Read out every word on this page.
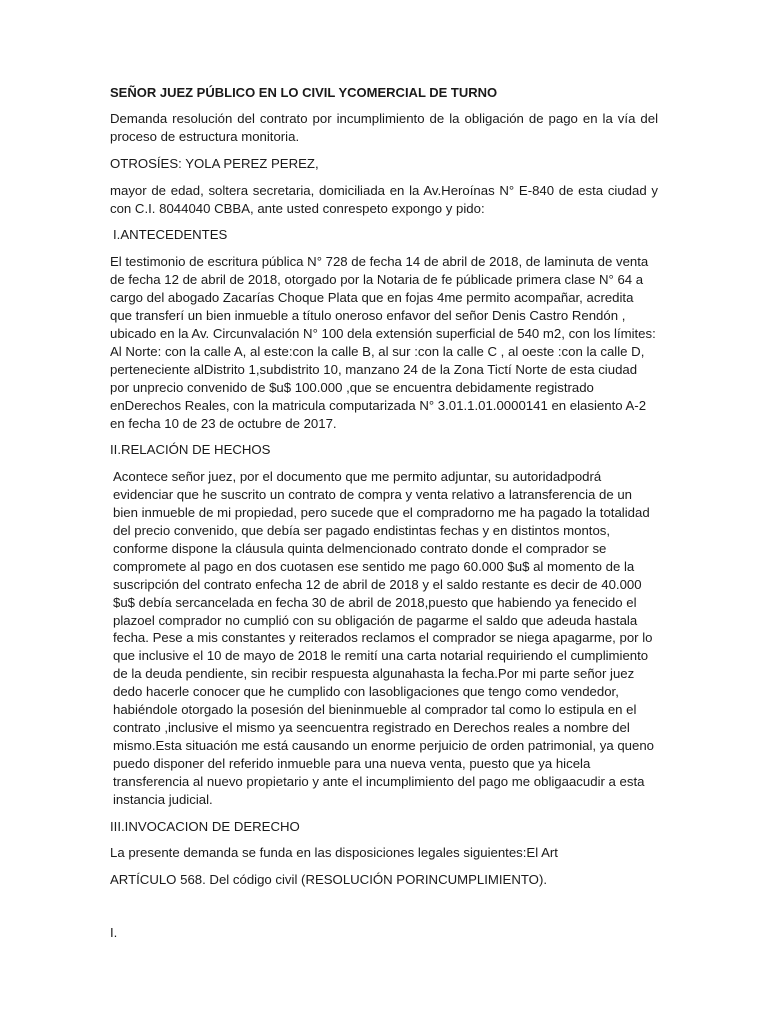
SEÑOR JUEZ PÚBLICO EN LO CIVIL YCOMERCIAL DE TURNO

Demanda resolución del contrato por incumplimiento de la obligación de pago en la vía del proceso de estructura monitoria.

OTROSÍES: YOLA PEREZ PEREZ,

mayor de edad, soltera secretaria, domiciliada en la Av.Heroínas N° E-840 de esta ciudad y con C.I. 8044040 CBBA, ante usted conrespeto expongo y pido:

I.ANTECEDENTES

El testimonio de escritura pública N° 728 de fecha 14 de abril de 2018, de laminuta de venta de fecha 12 de abril de 2018, otorgado por la Notaria de fe públicade primera clase N° 64 a cargo del abogado Zacarías Choque Plata que en fojas 4me permito acompañar, acredita que transferí un bien inmueble a título oneroso enfavor del señor Denis Castro Rendón , ubicado en la Av. Circunvalación N° 100 dela extensión superficial de 540 m2, con los límites: Al Norte: con la calle A, al este:con la calle B, al sur :con la calle C , al oeste :con la calle D, perteneciente alDistrito 1,subdistrito 10, manzano 24 de la Zona Tictí Norte de esta ciudad por unprecio convenido de $u$ 100.000 ,que se encuentra debidamente registrado enDerechos Reales, con la matricula computarizada N° 3.01.1.01.0000141 en elasiento A-2 en fecha 10 de 23 de octubre de 2017.

II.RELACIÓN DE HECHOS

Acontece señor juez, por el documento que me permito adjuntar, su autoridadpodrá evidenciar que he suscrito un contrato de compra y venta relativo a latransferencia de un bien inmueble de mi propiedad, pero sucede que el compradorno me ha pagado la totalidad del precio convenido, que debía ser pagado endistintas fechas y en distintos montos, conforme dispone la cláusula quinta delmencionado contrato donde el comprador se compromete al pago en dos cuotasen ese sentido me pago 60.000 $u$ al momento de la suscripción del contrato enfecha 12 de abril de 2018 y el saldo restante es decir de 40.000 $u$ debía sercancelada en fecha 30 de abril de 2018,puesto que habiendo ya fenecido el plazoel comprador no cumplió con su obligación de pagarme el saldo que adeuda hastala fecha. Pese a mis constantes y reiterados reclamos el comprador se niega apagarme, por lo que inclusive el 10 de mayo de 2018 le remití una carta notarial requiriendo el cumplimiento de la deuda pendiente, sin recibir respuesta algunahasta la fecha.Por mi parte señor juez dedo hacerle conocer que he cumplido con lasobligaciones que tengo como vendedor, habiéndole otorgado la posesión del bieninmueble al comprador tal como lo estipula en el contrato ,inclusive el mismo ya seencuentra registrado en Derechos reales a nombre del mismo.Esta situación me está causando un enorme perjuicio de orden patrimonial, ya queno puedo disponer del referido inmueble para una nueva venta, puesto que ya hicela transferencia al nuevo propietario y ante el incumplimiento del pago me obligaacudir a esta instancia judicial.

III.INVOCACION DE DERECHO

La presente demanda se funda en las disposiciones legales siguientes:El Art

ARTÍCULO 568. Del código civil (RESOLUCIÓN PORINCUMPLIMIENTO).

I.
